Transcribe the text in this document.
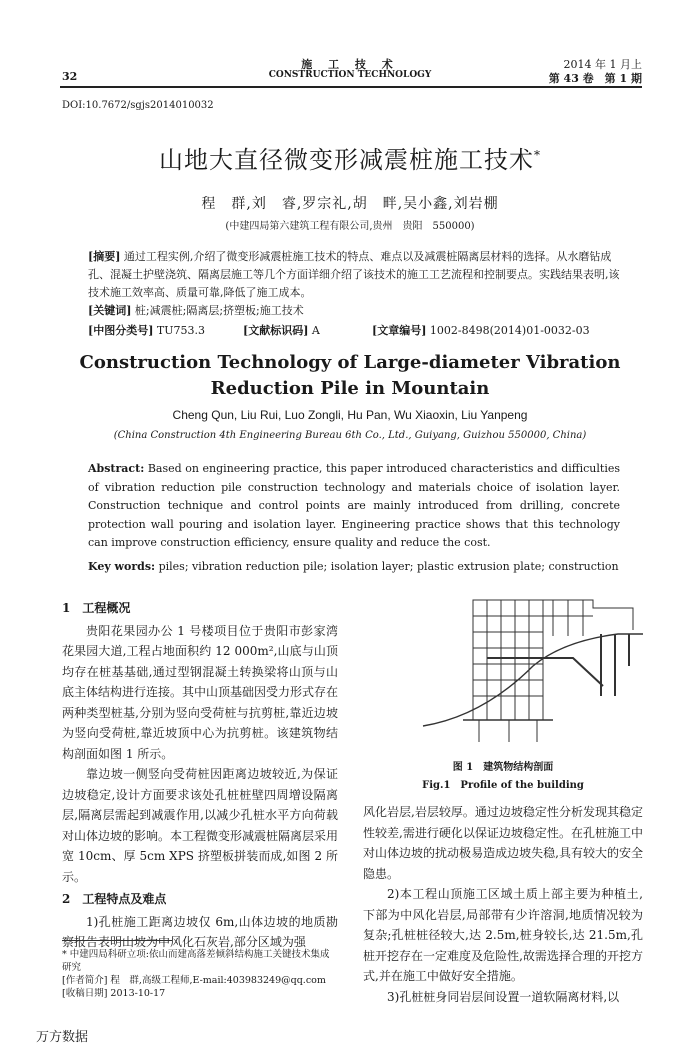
32
施 工 技 术
CONSTRUCTION TECHNOLOGY
2014 年 1 月上
第 43 卷　第 1 期
DOI:10.7672/sgjs2014010032
山地大直径微变形减震桩施工技术*
程　群,刘　睿,罗宗礼,胡　畔,吴小鑫,刘岩棚
(中建四局第六建筑工程有限公司,贵州　贵阳　550000)
[摘要] 通过工程实例,介绍了微变形减震桩施工技术的特点、难点以及减震桩隔离层材料的选择。从水磨钻成孔、混凝土护壁浇筑、隔离层施工等几个方面详细介绍了该技术的施工工艺流程和控制要点。实践结果表明,该技术施工效率高、质量可靠,降低了施工成本。
[关键词] 桩;减震桩;隔离层;挤塑板;施工技术
[中图分类号] TU753.3	[文献标识码] A	[文章编号] 1002-8498(2014)01-0032-03
Construction Technology of Large-diameter Vibration
Reduction Pile in Mountain
Cheng Qun, Liu Rui, Luo Zongli, Hu Pan, Wu Xiaoxin, Liu Yanpeng
(China Construction 4th Engineering Bureau 6th Co., Ltd., Guiyang, Guizhou 550000, China)
Abstract: Based on engineering practice, this paper introduced characteristics and difficulties of vibration reduction pile construction technology and materials choice of isolation layer. Construction technique and control points are mainly introduced from drilling, concrete protection wall pouring and isolation layer. Engineering practice shows that this technology can improve construction efficiency, ensure quality and reduce the cost.
Key words: piles; vibration reduction pile; isolation layer; plastic extrusion plate; construction
1　工程概况

贵阳花果园办公 1 号楼项目位于贵阳市彭家湾花果园大道,工程占地面积约 12 000m²,山底与山顶均存在桩基基础,通过型钢混凝土转换梁将山顶与山底主体结构进行连接。其中山顶基础因受力形式存在两种类型桩基,分别为竖向受荷桩与抗剪桩,靠近边坡为竖向受荷桩,靠近坡顶中心为抗剪桩。该建筑物结构剖面如图 1 所示。

靠边坡一侧竖向受荷桩因距离边坡较近,为保证边坡稳定,设计方面要求该处孔桩桩壁四周增设隔离层,隔离层需起到减震作用,以减少孔桩水平方向荷载对山体边坡的影响。本工程微变形减震桩隔离层采用宽 10cm、厚 5cm XPS 挤塑板拼装而成,如图 2 所示。

2　工程特点及难点

1)孔桩施工距离边坡仅 6m,山体边坡的地质勘察报告表明山坡为中风化石灰岩,部分区域为强

图 1　建筑物结构剖面
Fig.1　Profile of the building

风化岩层,岩层较厚。通过边坡稳定性分析发现其稳定性较差,需进行硬化以保证边坡稳定性。在孔桩施工中对山体边坡的扰动极易造成边坡失稳,具有较大的安全隐患。

2)本工程山顶施工区域土质上部主要为种植土,下部为中风化岩层,局部带有少许溶洞,地质情况较为复杂;孔桩桩径较大,达 2.5m,桩身较长,达 21.5m,孔桩开挖存在一定难度及危险性,故需选择合理的开挖方式,并在施工中做好安全措施。

3)孔桩桩身同岩层间设置一道软隔离材料,以

* 中建四局科研立项:依山而建高落差倾斜结构施工关键技术集成研究
[作者简介] 程　群,高级工程师,E-mail:403983249@qq.com
[收稿日期] 2013-10-17
万方数据
